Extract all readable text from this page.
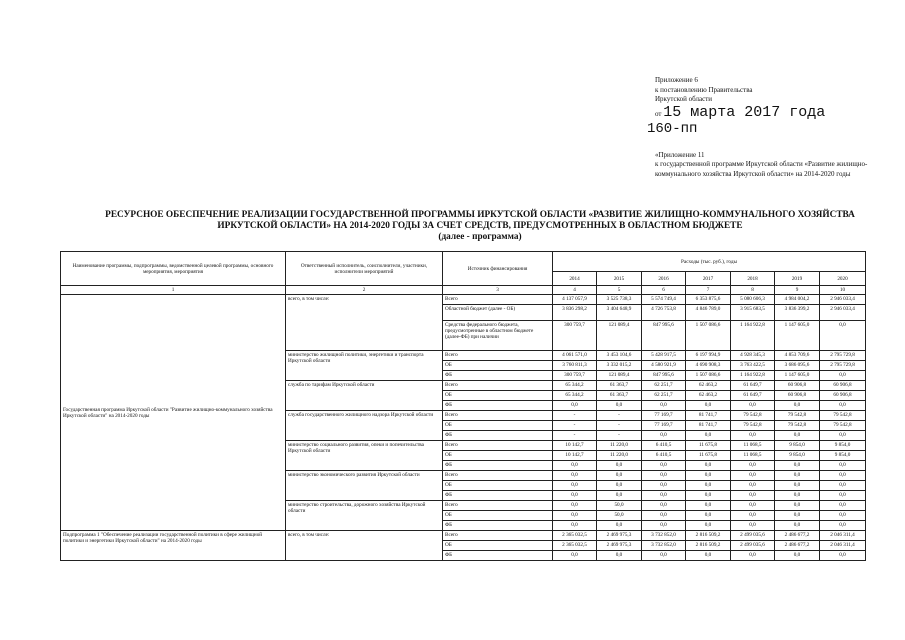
Приложение 6
к постановлению Правительства
Иркутской области
от 15 марта 2017 года
160-пп
«Приложение 11
к государственной программе Иркутской области «Развитие жилищно-коммунального хозяйства Иркутской области» на 2014-2020 годы
РЕСУРСНОЕ ОБЕСПЕЧЕНИЕ РЕАЛИЗАЦИИ ГОСУДАРСТВЕННОЙ ПРОГРАММЫ ИРКУТСКОЙ ОБЛАСТИ «РАЗВИТИЕ ЖИЛИЩНО-КОММУНАЛЬНОГО ХОЗЯЙСТВА
ИРКУТСКОЙ ОБЛАСТИ» НА 2014-2020 ГОДЫ ЗА СЧЕТ СРЕДСТВ, ПРЕДУСМОТРЕННЫХ В ОБЛАСТНОМ БЮДЖЕТЕ
(далее - программа)
Наименование программы, подпрограммы, ведомственной целевой программы, основного мероприятия, мероприятия	Ответственный исполнитель, соисполнители, участники, исполнители мероприятий	Источник финансирования	Расходы (тыс. руб.), годы						
			2014	2015	2016	2017	2018	2019	2020
1	2	3	4	5	6	7	8	9	10
Государственная программа Иркутской области "Развитие жилищно-коммунального хозяйства Иркутской области" на 2014-2020 годы	всего, в том числе:	Всего	4 137 057,9	3 525 738,3	5 574 749,4	6 353 875,6	5 080 606,3	4 984 004,2	2 946 033,4
		Областной бюджет (далее - ОБ)	3 836 298,2	3 404 648,9	4 726 753,8	4 846 789,0	3 915 683,5	3 836 399,2	2 946 033,4
		Средства федерального бюджета, предусмотренные в областном бюджете (далее-ФБ) при наличии	300 759,7	121 089,4	847 995,6	1 507 086,6	1 164 922,8	1 147 605,0	0,0
	министерство жилищной политики, энергетики и транспорта Иркутской области	Всего	4 061 571,0	3 453 104,6	5 428 917,5	6 197 994,9	4 928 345,3	4 853 709,6	2 795 729,8
		ОБ	3 760 811,3	3 332 015,2	4 580 921,9	4 690 908,3	3 763 422,5	3 686 095,6	2 795 729,8
		ФБ	300 759,7	121 089,4	847 995,6	1 507 086,6	1 164 922,8	1 147 605,0	0,0
	служба по тарифам Иркутской области	Всего	65 344,2	61 363,7	62 251,7	62 463,2	61 649,7	60 906,8	60 906,8
		ОБ	65 344,2	61 363,7	62 251,7	62 463,2	61 649,7	60 906,8	60 906,8
		ФБ	0,0	0,0	0,0	0,0	0,0	0,0	0,0
	служба государственного жилищного надзора Иркутской области	Всего	-	-	77 169,7	81 741,7	79 542,8	79 542,8	79 542,8
		ОБ	-	-	77 169,7	81 741,7	79 542,8	79 542,8	79 542,8
		ФБ	-	-	0,0	0,0	0,0	0,0	0,0
	министерство социального развития, опеки и попечительства Иркутской области	Всего	10 142,7	11 220,0	6 410,5	11 675,8	11 068,5	9 854,0	9 854,0
		ОБ	10 142,7	11 220,0	6 410,5	11 675,8	11 068,5	9 854,0	9 854,0
		ФБ	0,0	0,0	0,0	0,0	0,0	0,0	0,0
	министерство экономического развития Иркутской области	Всего	0,0	0,0	0,0	0,0	0,0	0,0	0,0
		ОБ	0,0	0,0	0,0	0,0	0,0	0,0	0,0
		ФБ	0,0	0,0	0,0	0,0	0,0	0,0	0,0
	министерство строительства, дорожного хозяйства Иркутской области	Всего	0,0	50,0	0,0	0,0	0,0	0,0	0,0
		ОБ	0,0	50,0	0,0	0,0	0,0	0,0	0,0
		ФБ	0,0	0,0	0,0	0,0	0,0	0,0	0,0
Подпрограмма 1 "Обеспечение реализации государственной политики в сфере жилищной политики и энергетики Иркутской области" на 2014-2020 годы	всего, в том числе:	Всего	2 365 032,5	2 469 975,3	3 732 852,0	2 816 509,2	2 499 035,6	2 486 677,2	2 046 311,4
		ОБ	2 365 032,5	2 469 975,3	3 732 852,0	2 816 509,2	2 499 035,6	2 486 677,2	2 046 311,4
		ФБ	0,0	0,0	0,0	0,0	0,0	0,0	0,0
